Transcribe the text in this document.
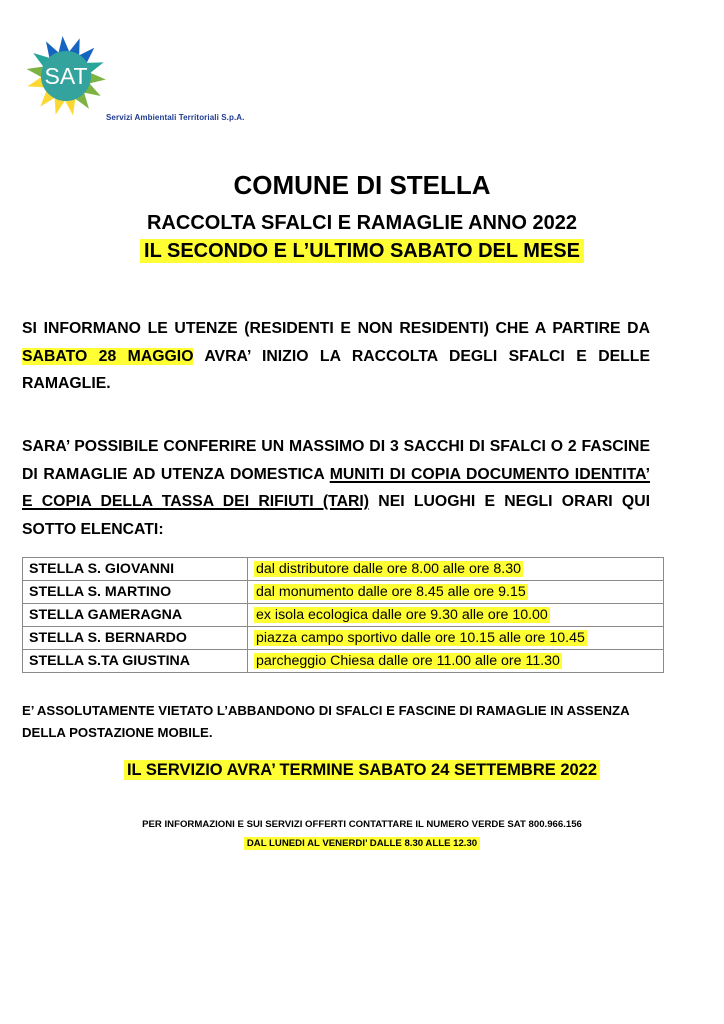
SAT
Servizi Ambientali Territoriali S.p.A.
COMUNE DI STELLA
RACCOLTA SFALCI E RAMAGLIE ANNO 2022
IL SECONDO E L’ULTIMO SABATO DEL MESE
SI INFORMANO LE UTENZE (RESIDENTI E NON RESIDENTI) CHE A PARTIRE DA SABATO 28 MAGGIO AVRA’ INIZIO LA RACCOLTA DEGLI SFALCI E DELLE RAMAGLIE.
SARA’ POSSIBILE CONFERIRE UN MASSIMO DI 3 SACCHI DI SFALCI O 2 FASCINE DI RAMAGLIE AD UTENZA DOMESTICA MUNITI DI COPIA DOCUMENTO IDENTITA’ E COPIA DELLA TASSA DEI RIFIUTI (TARI) NEI LUOGHI E NEGLI ORARI QUI SOTTO ELENCATI:
STELLA S. GIOVANNI	dal distributore dalle ore 8.00 alle ore 8.30
STELLA S. MARTINO	dal monumento dalle ore 8.45 alle ore 9.15
STELLA GAMERAGNA	ex isola ecologica dalle ore 9.30 alle ore 10.00
STELLA S. BERNARDO	piazza campo sportivo dalle ore 10.15 alle ore 10.45
STELLA S.TA GIUSTINA	parcheggio Chiesa dalle ore 11.00 alle ore 11.30
E’ ASSOLUTAMENTE VIETATO L’ABBANDONO DI SFALCI E FASCINE DI RAMAGLIE IN ASSENZA DELLA POSTAZIONE MOBILE.
IL SERVIZIO AVRA’ TERMINE SABATO 24 SETTEMBRE 2022
PER INFORMAZIONI E SUI SERVIZI OFFERTI CONTATTARE IL NUMERO VERDE SAT 800.966.156
DAL LUNEDI AL VENERDI’ DALLE 8.30 ALLE 12.30
